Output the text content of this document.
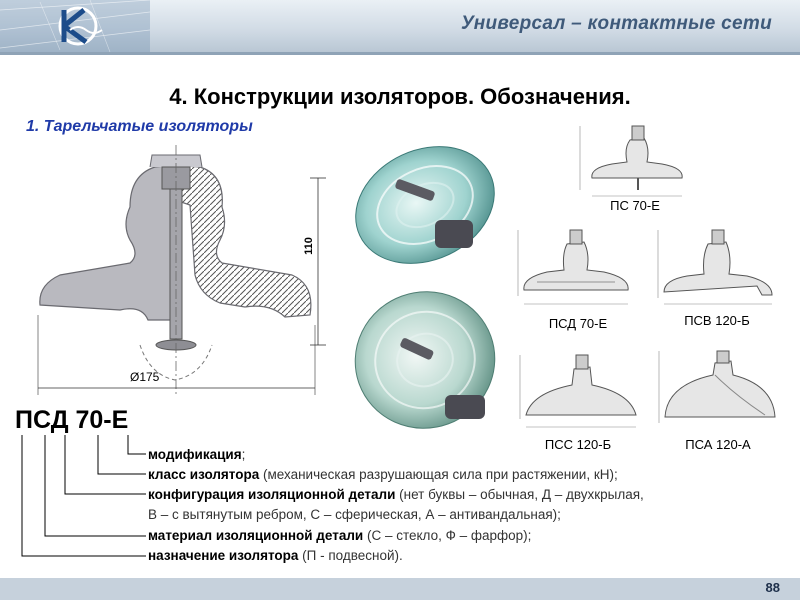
Универсал – контактные сети
4. Конструкции изоляторов. Обозначения.
1. Тарельчатые изоляторы
110
Ø175
ПС 70-Е
ПСД 70-Е	ПСВ 120-Б
ПСС 120-Б	ПСА 120-А
ПСД 70-Е
модификация;
класс изолятора (механическая разрушающая сила при растяжении, кН);
конфигурация изоляционной детали (нет буквы – обычная, Д – двухкрылая,
В – с вытянутым ребром, С – сферическая, А – антивандальная);
материал изоляционной детали (С – стекло, Ф – фарфор);
назначение изолятора (П - подвесной).
88
